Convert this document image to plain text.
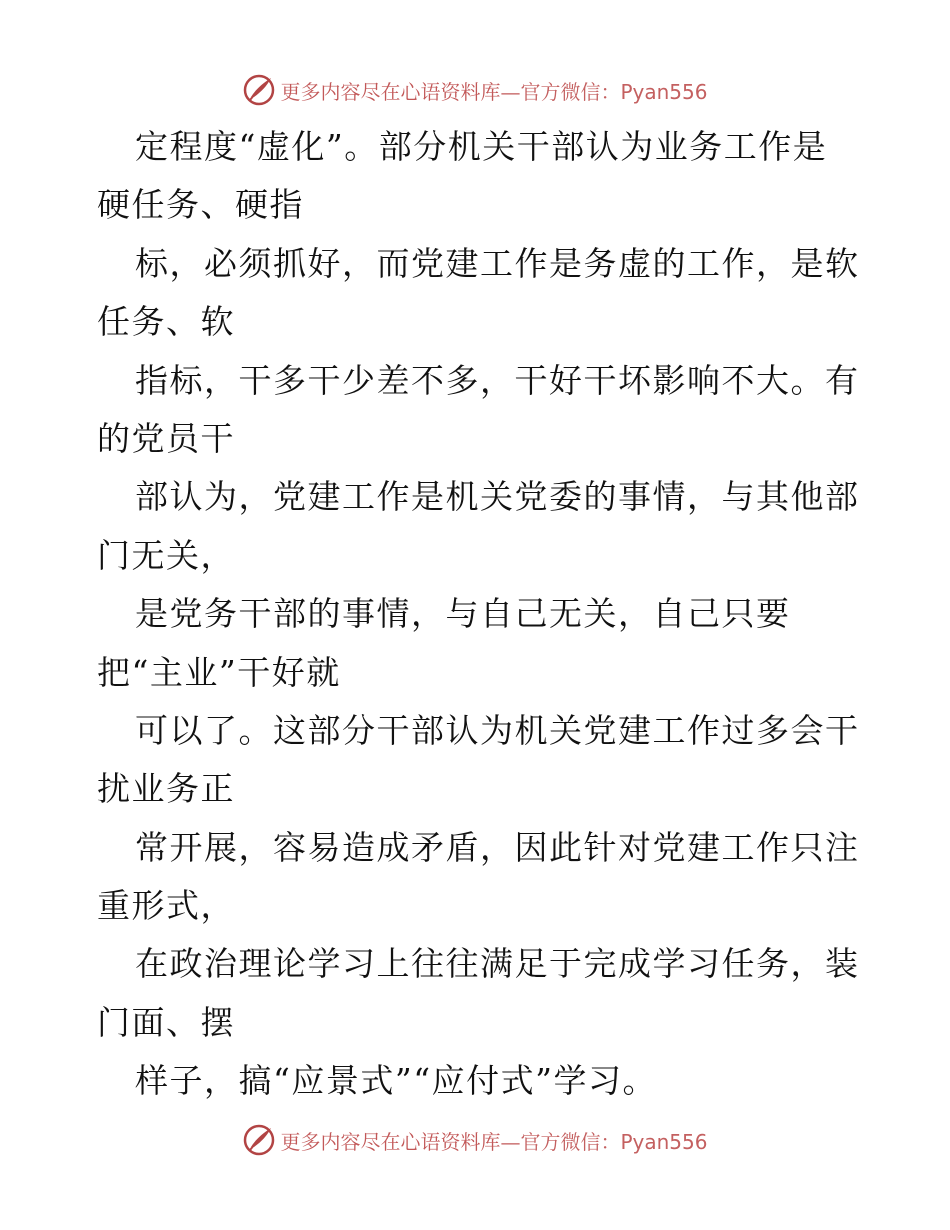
更多内容尽在心语资料库— 官方微信：Pyan556
定程度“虚化”。部分机关干部认为业务工作是
硬任务、硬指
标，必须抓好，而党建工作是务虚的工作，是软
任务、软
指标，干多干少差不多，干好干坏影响不大。有
的党员干
部认为，党建工作是机关党委的事情，与其他部
门无关，
是党务干部的事情，与自己无关，自己只要
把“主业”干好就
可以了。这部分干部认为机关党建工作过多会干
扰业务正
常开展，容易造成矛盾，因此针对党建工作只注
重形式，
在政治理论学习上往往满足于完成学习任务，装
门面、摆
样子，搞“应景式”“应付式”学习。
更多内容尽在心语资料库— 官方微信：Pyan556
